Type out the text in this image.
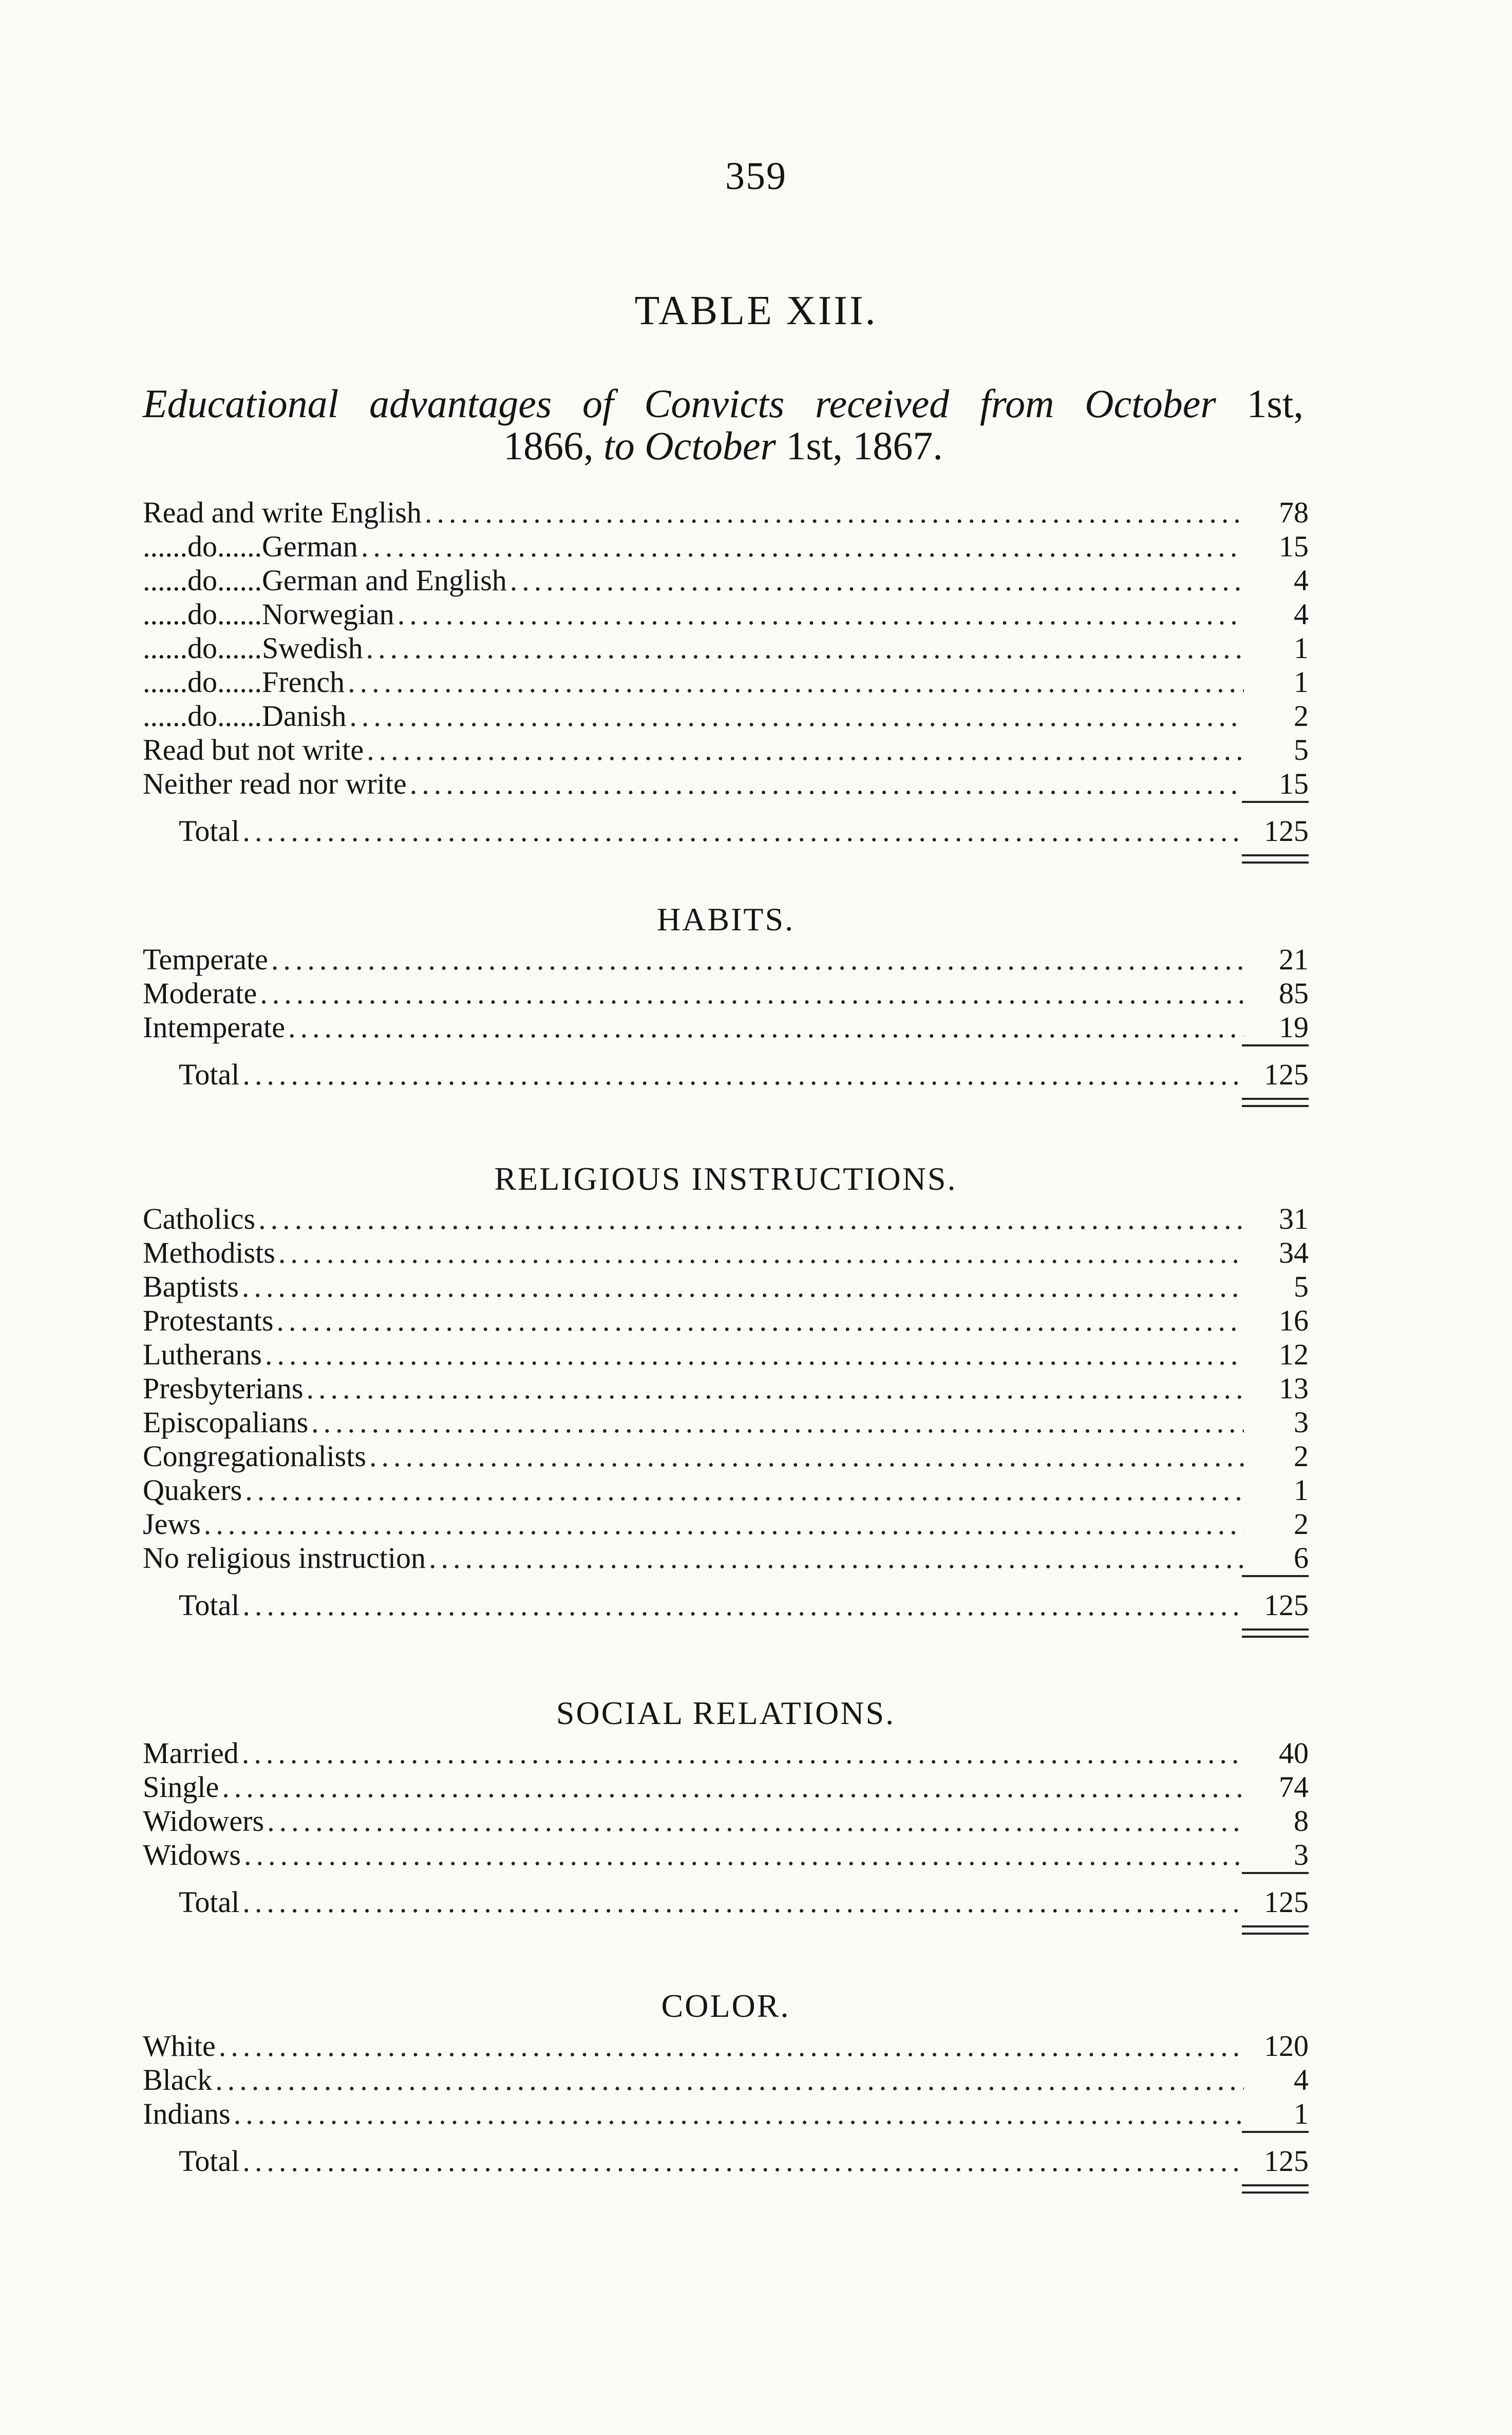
359
TABLE XIII.
Educational advantages of Convicts received from October 1st,
1866, to October 1st, 1867.
Read and write English .....	78
......do......German .....	15
......do......German and English .....	4
......do......Norwegian .....	4
......do......Swedish .....	1
......do......French .....	1
......do......Danish .....	2
Read but not write .....	5
Neither read nor write .....	15
Total .....	125
HABITS.
Temperate .....	21
Moderate .....	85
Intemperate .....	19
Total .....	125
RELIGIOUS INSTRUCTIONS.
Catholics .....	31
Methodists .....	34
Baptists .....	5
Protestants .....	16
Lutherans .....	12
Presbyterians .....	13
Episcopalians .....	3
Congregationalists .....	2
Quakers .....	1
Jews .....	2
No religious instruction .....	6
Total .....	125
SOCIAL RELATIONS.
Married .....	40
Single .....	74
Widowers .....	8
Widows .....	3
Total .....	125
COLOR.
White .....	120
Black .....	4
Indians .....	1
Total .....	125
